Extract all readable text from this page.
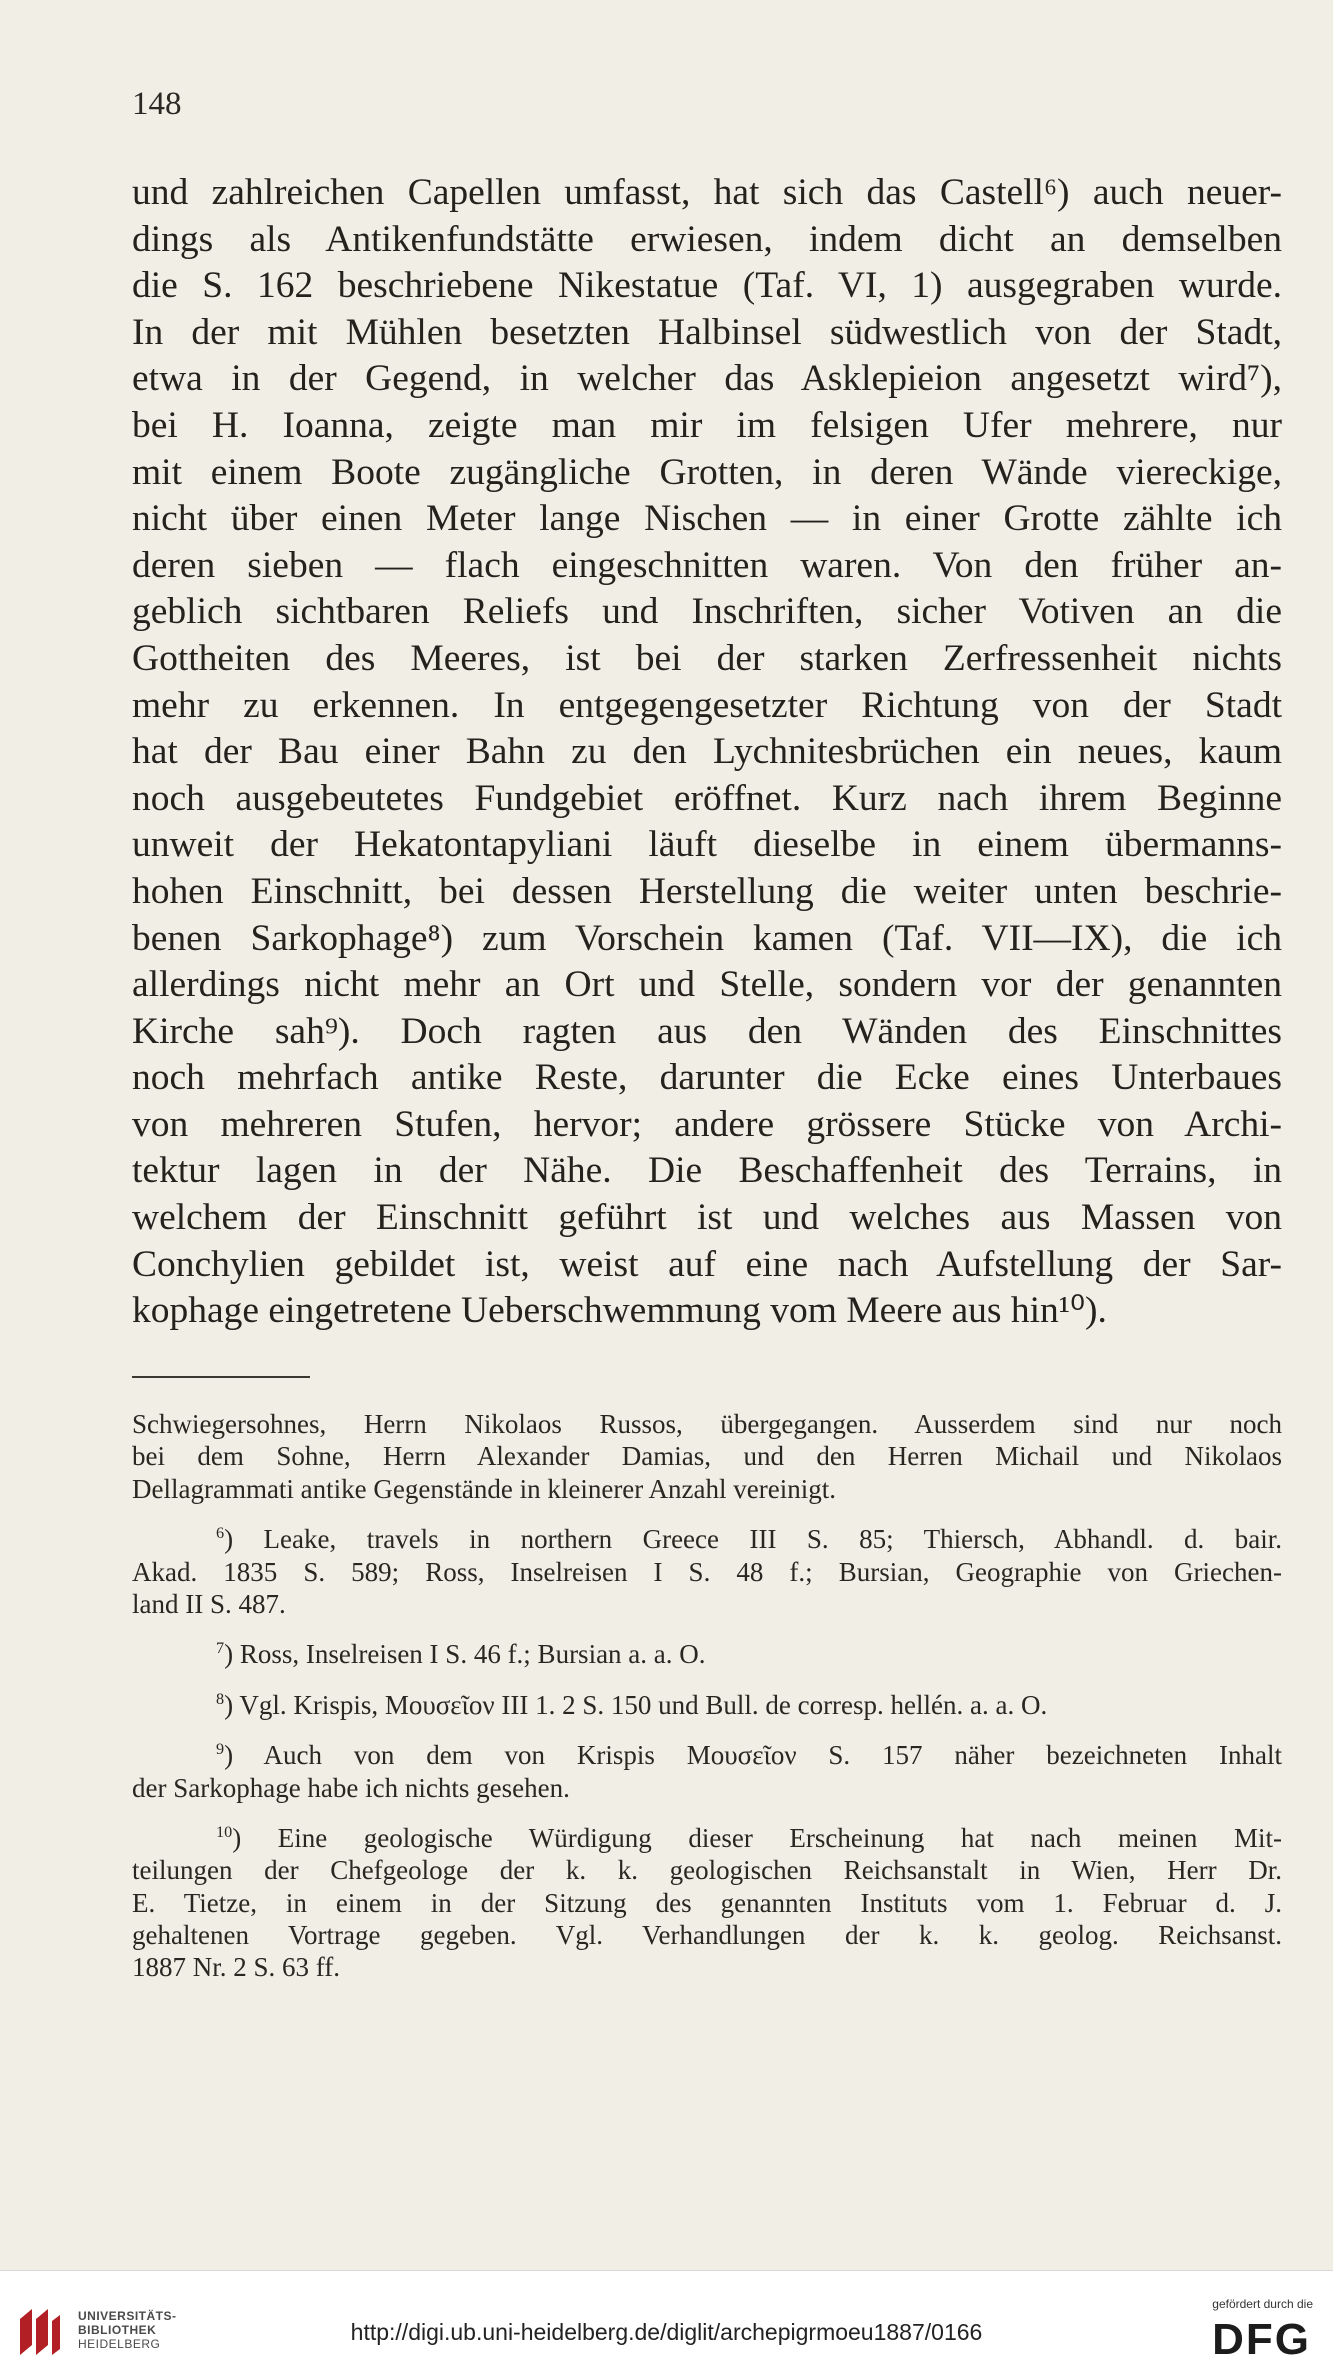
148
und zahlreichen Capellen umfasst, hat sich das Castell⁶) auch neuer-
dings als Antikenfundstätte erwiesen, indem dicht an demselben
die S. 162 beschriebene Nikestatue (Taf. VI, 1) ausgegraben wurde.
In der mit Mühlen besetzten Halbinsel südwestlich von der Stadt,
etwa in der Gegend, in welcher das Asklepieion angesetzt wird⁷),
bei H. Ioanna, zeigte man mir im felsigen Ufer mehrere, nur
mit einem Boote zugängliche Grotten, in deren Wände viereckige,
nicht über einen Meter lange Nischen — in einer Grotte zählte ich
deren sieben — flach eingeschnitten waren. Von den früher an-
geblich sichtbaren Reliefs und Inschriften, sicher Votiven an die
Gottheiten des Meeres, ist bei der starken Zerfressenheit nichts
mehr zu erkennen. In entgegengesetzter Richtung von der Stadt
hat der Bau einer Bahn zu den Lychnitesbrüchen ein neues, kaum
noch ausgebeutetes Fundgebiet eröffnet. Kurz nach ihrem Beginne
unweit der Hekatontapyliani läuft dieselbe in einem übermanns-
hohen Einschnitt, bei dessen Herstellung die weiter unten beschrie-
benen Sarkophage⁸) zum Vorschein kamen (Taf. VII—IX), die ich
allerdings nicht mehr an Ort und Stelle, sondern vor der genannten
Kirche sah⁹). Doch ragten aus den Wänden des Einschnittes
noch mehrfach antike Reste, darunter die Ecke eines Unterbaues
von mehreren Stufen, hervor; andere grössere Stücke von Archi-
tektur lagen in der Nähe. Die Beschaffenheit des Terrains, in
welchem der Einschnitt geführt ist und welches aus Massen von
Conchylien gebildet ist, weist auf eine nach Aufstellung der Sar-
kophage eingetretene Ueberschwemmung vom Meere aus hin¹⁰).
Schwiegersohnes, Herrn Nikolaos Russos, übergegangen. Ausserdem sind nur noch
bei dem Sohne, Herrn Alexander Damias, und den Herren Michail und Nikolaos
Dellagrammati antike Gegenstände in kleinerer Anzahl vereinigt.
$^6$) Leake, travels in northern Greece III S. 85; Thiersch, Abhandl. d. bair.
Akad. 1835 S. 589; Ross, Inselreisen I S. 48 f.; Bursian, Geographie von Griechen-
land II S. 487.
$^7$) Ross, Inselreisen I S. 46 f.; Bursian a. a. O.
$^8$) Vgl. Krispis, Μουσεῖον III 1. 2 S. 150 und Bull. de corresp. hellén. a. a. O.
$^9$) Auch von dem von Krispis Μουσεῖον S. 157 näher bezeichneten Inhalt
der Sarkophage habe ich nichts gesehen.
$^{10}$) Eine geologische Würdigung dieser Erscheinung hat nach meinen Mit-
teilungen der Chefgeologe der k. k. geologischen Reichsanstalt in Wien, Herr Dr.
E. Tietze, in einem in der Sitzung des genannten Instituts vom 1. Februar d. J.
gehaltenen Vortrage gegeben. Vgl. Verhandlungen der k. k. geolog. Reichsanst.
1887 Nr. 2 S. 63 ff.
UNIVERSITÄTS-
BIBLIOTHEK
HEIDELBERG	http://digi.ub.uni-heidelberg.de/diglit/archepigrmoeu1887/0166
gefördert durch die
DFG
